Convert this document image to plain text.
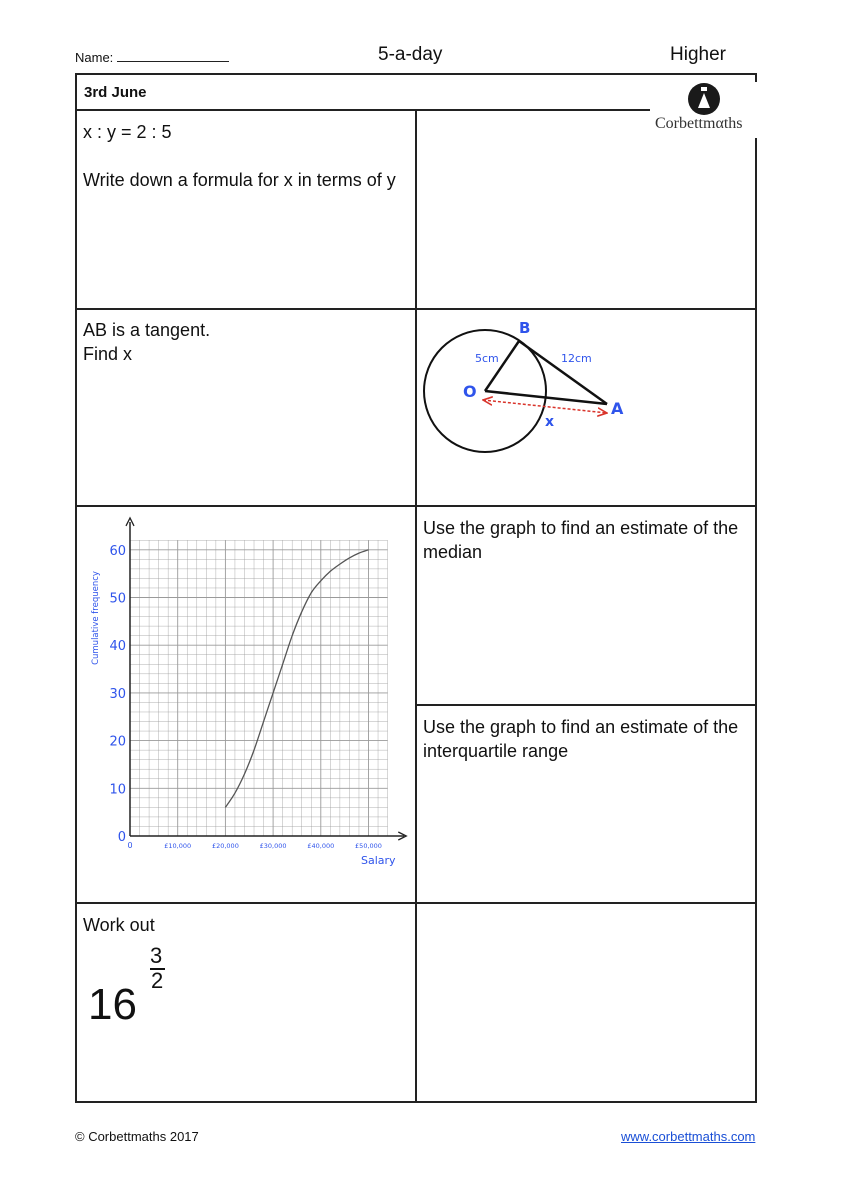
Name:	5-a-day	Higher
3rd June
Corbettmαths
x : y = 2 : 5
Write down a formula for x in terms of y
AB is a tangent.
Find x
B
O
A
5cm	12cm
x
0
10
20
30
40
50
60
0	£10,000	£20,000	£30,000	£40,000	£50,000
Salary
Cumulative frequency
Use the graph to find an estimate of the median
Use the graph to find an estimate of the interquartile range
Work out
16
3
2
© Corbettmaths 2017	www.corbettmaths.com
